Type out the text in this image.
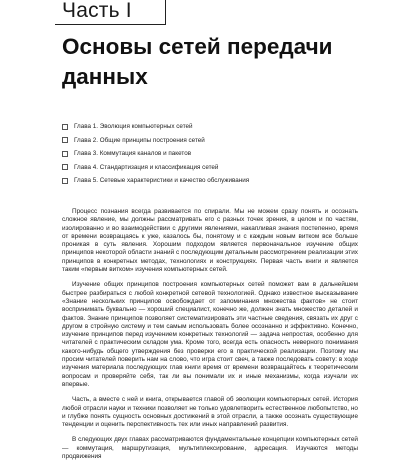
Часть I
Основы сетей передачи данных
Глава 1. Эволюция компьютерных сетей
Глава 2. Общие принципы построения сетей
Глава 3. Коммутация каналов и пакетов
Глава 4. Стандартизация и классификация сетей
Глава 5. Сетевые характеристики и качество обслуживания

Процесс познания всегда развивается по спирали. Мы не можем сразу понять и осознать сложное явление, мы должны рассматривать его с разных точек зрения, в целом и по частям, изолированно и во взаимодействии с другими явлениями, накапливая знания постепенно, время от времени возвращаясь к уже, казалось бы, понятому и с каждым новым витком все больше проникая в суть явления. Хорошим подходом является первоначальное изучение общих принципов некоторой области знаний с последующим детальным рассмотрением реализации этих принципов в конкретных методах, технологиях и конструкциях. Первая часть книги и является таким «первым витком» изучения компьютерных сетей.

Изучение общих принципов построения компьютерных сетей поможет вам в дальнейшем быстрее разбираться с любой конкретной сетевой технологией. Однако известное высказывание «Знание нескольких принципов освобождает от запоминания множества фактов» не стоит воспринимать буквально — хороший специалист, конечно же, должен знать множество деталей и фактов. Знание принципов позволяет систематизировать эти частные сведения, связать их друг с другом в стройную систему и тем самым использовать более осознанно и эффективно. Конечно, изучение принципов перед изучением конкретных технологий — задача непростая, особенно для читателей с практическим складом ума. Кроме того, всегда есть опасность неверного понимания какого-нибудь общего утверждения без проверки его в практической реализации. Поэтому мы просим читателей поверить нам на слово, что игра стоит свеч, а также последовать совету: в ходе изучения материала последующих глав книги время от времени возвращайтесь к теоретическим вопросам и проверяйте себя, так ли вы понимали их и иные механизмы, когда изучали их впервые.

Часть, а вместе с ней и книга, открывается главой об эволюции компьютерных сетей. История любой отрасли науки и техники позволяет не только удовлетворить естественное любопытство, но и глубже понять сущность основных достижений в этой отрасли, а также осознать существующие тенденции и оценить перспективность тех или иных направлений развития.

В следующих двух главах рассматриваются фундаментальные концепции компьютерных сетей — коммутация, маршрутизация, мультиплексирование, адресация. Изучаются методы продвижения
